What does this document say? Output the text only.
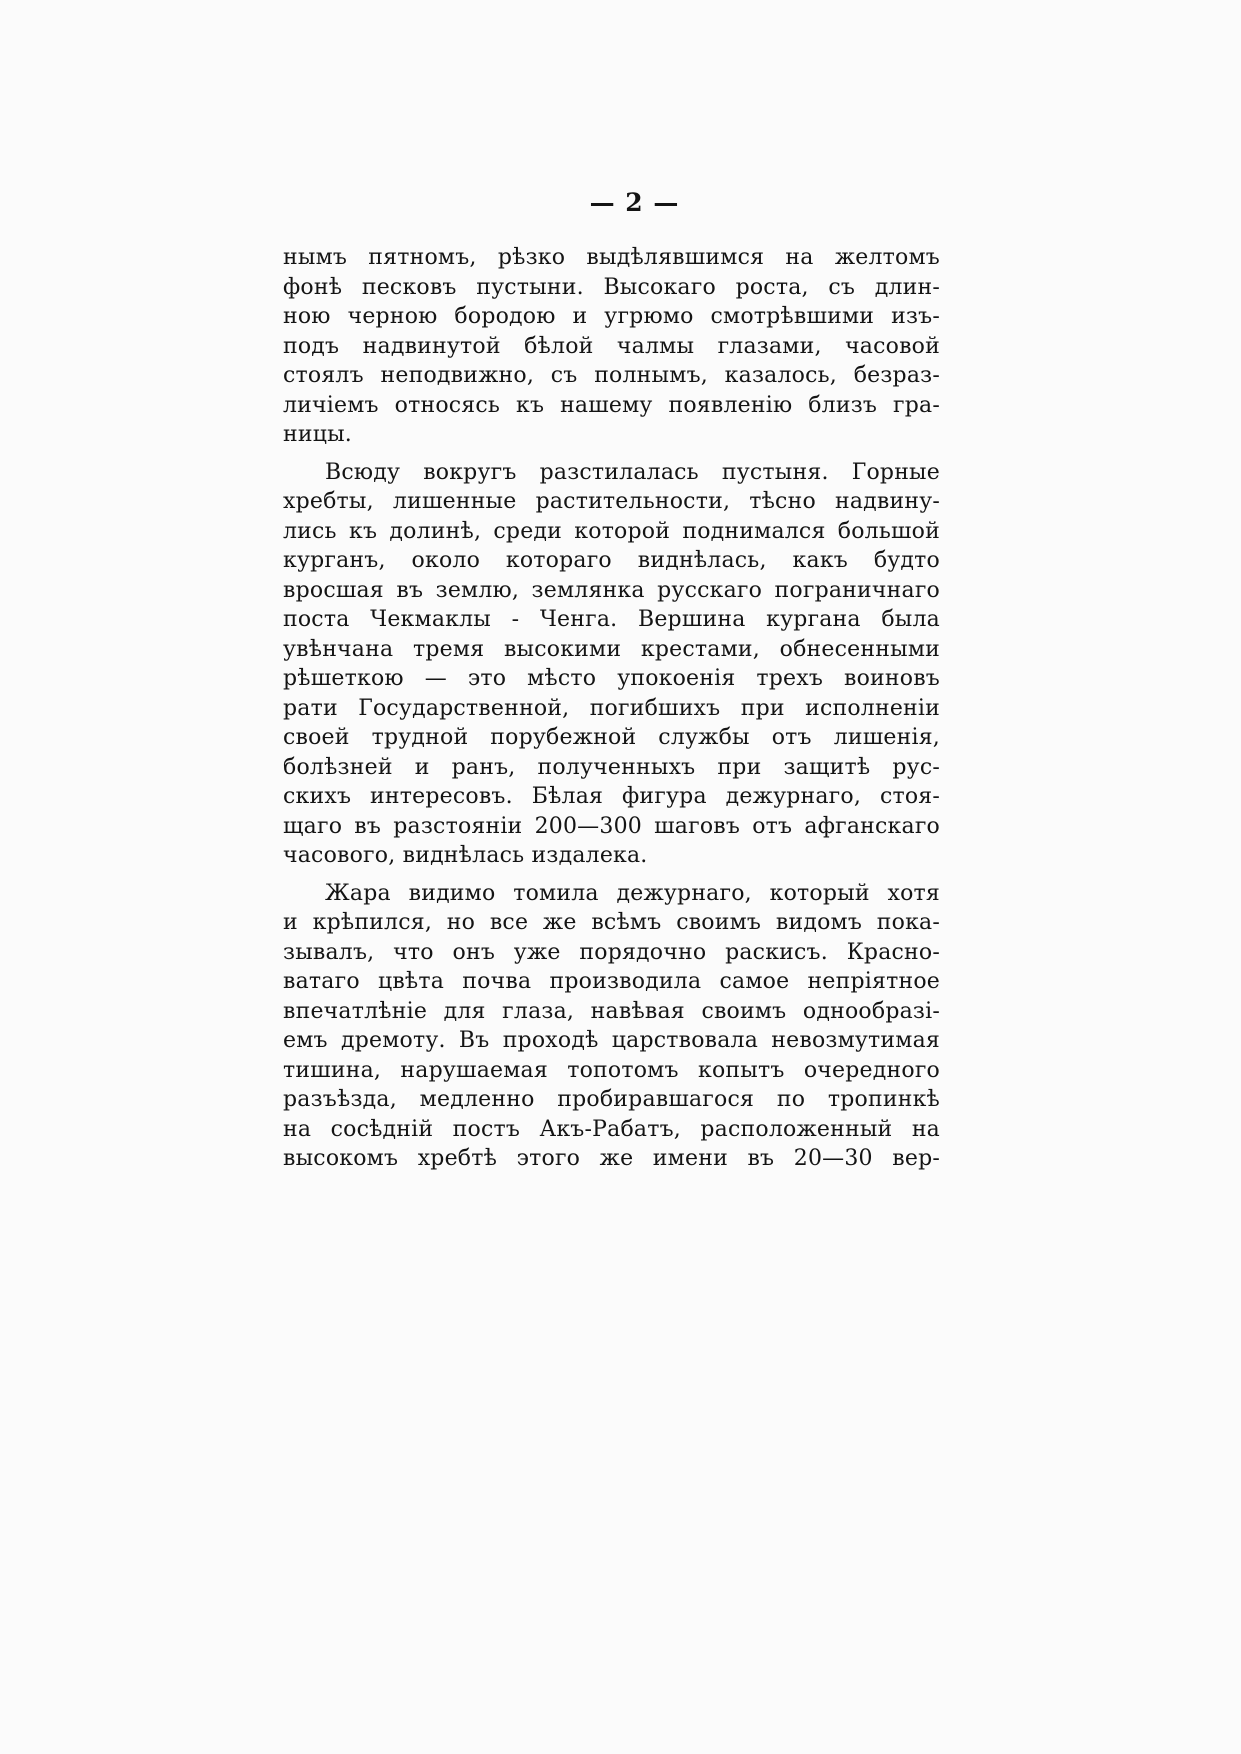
— 2 —
нымъ пятномъ, рѣзко выдѣлявшимся на желтомъ
фонѣ песковъ пустыни. Высокаго роста, съ длин-
ною черною бородою и угрюмо смотрѣвшими изъ-
подъ надвинутой бѣлой чалмы глазами, часовой
стоялъ неподвижно, съ полнымъ, казалось, безраз-
личіемъ относясь къ нашему появленію близъ гра-
ницы.
Всюду вокругъ разстилалась пустыня. Горные
хребты, лишенные растительности, тѣсно надвину-
лись къ долинѣ, среди которой поднимался большой
курганъ, около котораго виднѣлась, какъ будто
вросшая въ землю, землянка русскаго пограничнаго
поста Чекмаклы - Ченга. Вершина кургана была
увѣнчана тремя высокими крестами, обнесенными
рѣшеткою — это мѣсто упокоенія трехъ воиновъ
рати Государственной, погибшихъ при исполненіи
своей трудной порубежной службы отъ лишенія,
болѣзней и ранъ, полученныхъ при защитѣ рус-
скихъ интересовъ. Бѣлая фигура дежурнаго, стоя-
щаго въ разстояніи 200—300 шаговъ отъ афганскаго
часового, виднѣлась издалека.
Жара видимо томила дежурнаго, который хотя
и крѣпился, но все же всѣмъ своимъ видомъ пока-
зывалъ, что онъ уже порядочно раскисъ. Красно-
ватаго цвѣта почва производила самое непріятное
впечатлѣніе для глаза, навѣвая своимъ однообразі-
емъ дремоту. Въ проходѣ царствовала невозмутимая
тишина, нарушаемая топотомъ копытъ очередного
разъѣзда, медленно пробиравшагося по тропинкѣ
на сосѣдній постъ Акъ-Рабатъ, расположенный на
высокомъ хребтѣ этого же имени въ 20—30 вер-
